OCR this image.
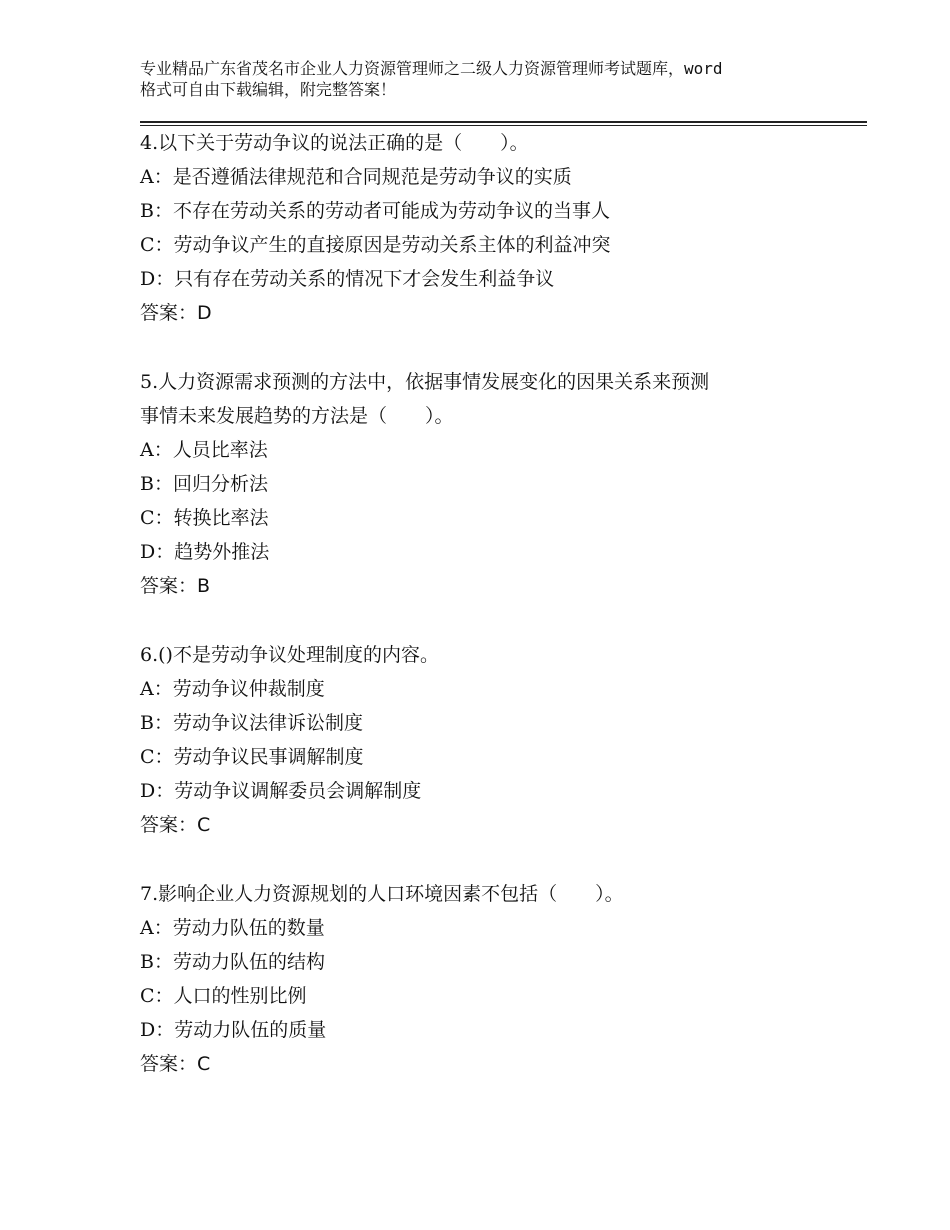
专业精品广东省茂名市企业人力资源管理师之二级人力资源管理师考试题库，word
格式可自由下载编辑，附完整答案！
4.以下关于劳动争议的说法正确的是（　　）。
A：是否遵循法律规范和合同规范是劳动争议的实质
B：不存在劳动关系的劳动者可能成为劳动争议的当事人
C：劳动争议产生的直接原因是劳动关系主体的利益冲突
D：只有存在劳动关系的情况下才会发生利益争议
答案：D
5.人力资源需求预测的方法中，依据事情发展变化的因果关系来预测
事情未来发展趋势的方法是（　　）。
A：人员比率法
B：回归分析法
C：转换比率法
D：趋势外推法
答案：B
6.()不是劳动争议处理制度的内容。
A：劳动争议仲裁制度
B：劳动争议法律诉讼制度
C：劳动争议民事调解制度
D：劳动争议调解委员会调解制度
答案：C
7.影响企业人力资源规划的人口环境因素不包括（　　）。
A：劳动力队伍的数量
B：劳动力队伍的结构
C：人口的性别比例
D：劳动力队伍的质量
答案：C
